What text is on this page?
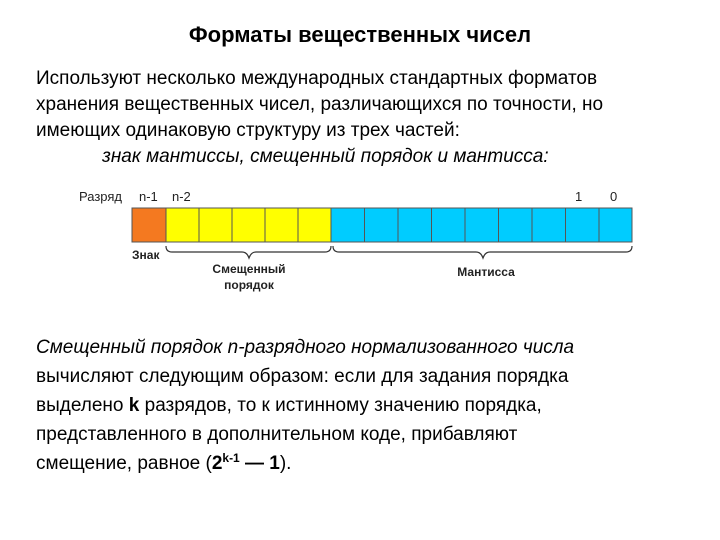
Форматы вещественных чисел
Используют несколько международных стандартных форматов
хранения вещественных чисел, различающихся по точности, но
имеющих одинаковую структуру из трех частей:
знак мантиссы, смещенный порядок и мантисса:
Разряд n-1 n-2	1 0
Знак
Смещенный
порядок
Мантисса
Смещенный порядок n-разрядного нормализованного числа
вычисляют следующим образом: если для задания порядка
выделено k разрядов, то к истинному значению порядка,
представленного в дополнительном коде, прибавляют
смещение, равное (2$^{k-1}$ — 1).
